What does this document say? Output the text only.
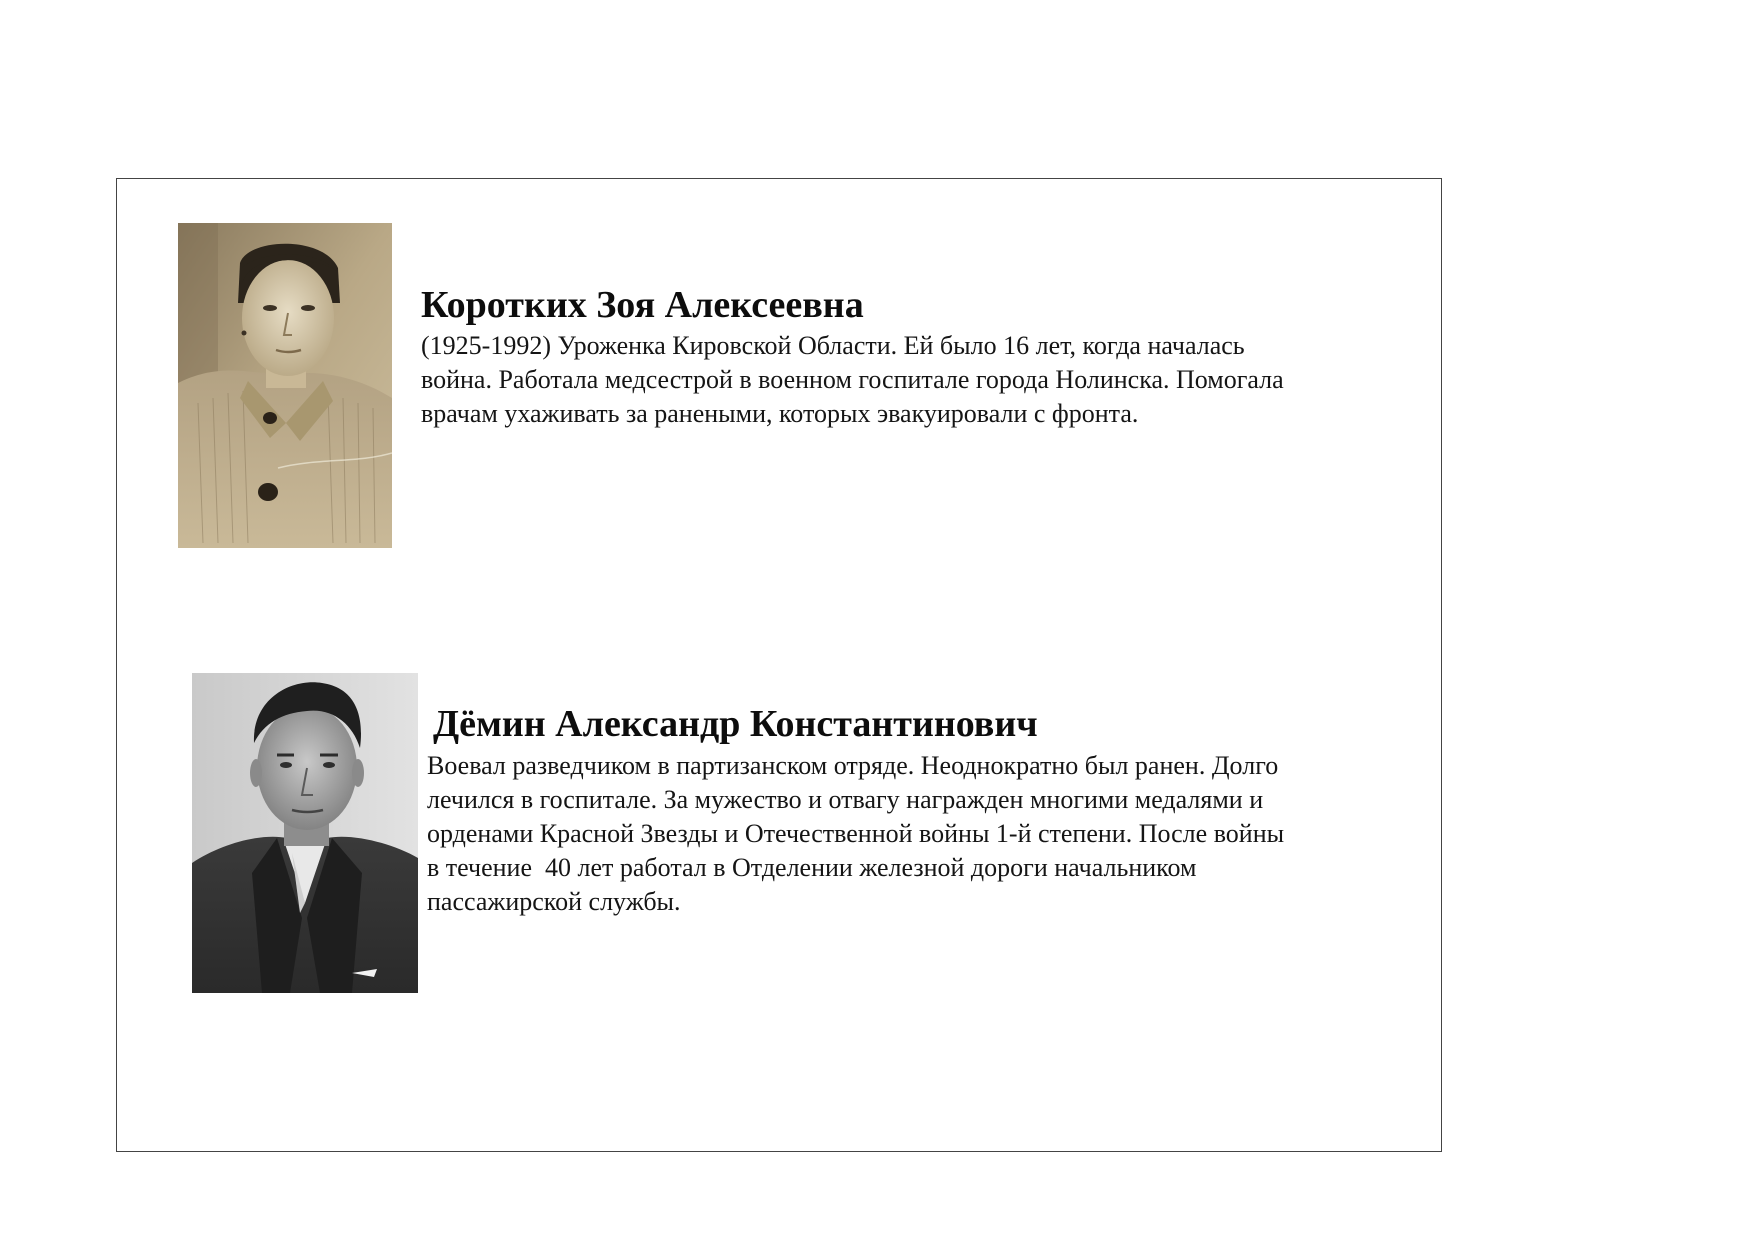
Коротких Зоя Алексеевна
(1925-1992) Уроженка Кировской Области. Ей было 16 лет, когда началась
война. Работала медсестрой в военном госпитале города Нолинска. Помогала
врачам ухаживать за ранеными, которых эвакуировали с фронта.
Дёмин Александр Константинович
Воевал разведчиком в партизанском отряде. Неоднократно был ранен. Долго
лечился в госпитале. За мужество и отвагу награжден многими медалями и
орденами Красной Звезды и Отечественной войны 1-й степени. После войны
в течение  40 лет работал в Отделении железной дороги начальником
пассажирской службы.
